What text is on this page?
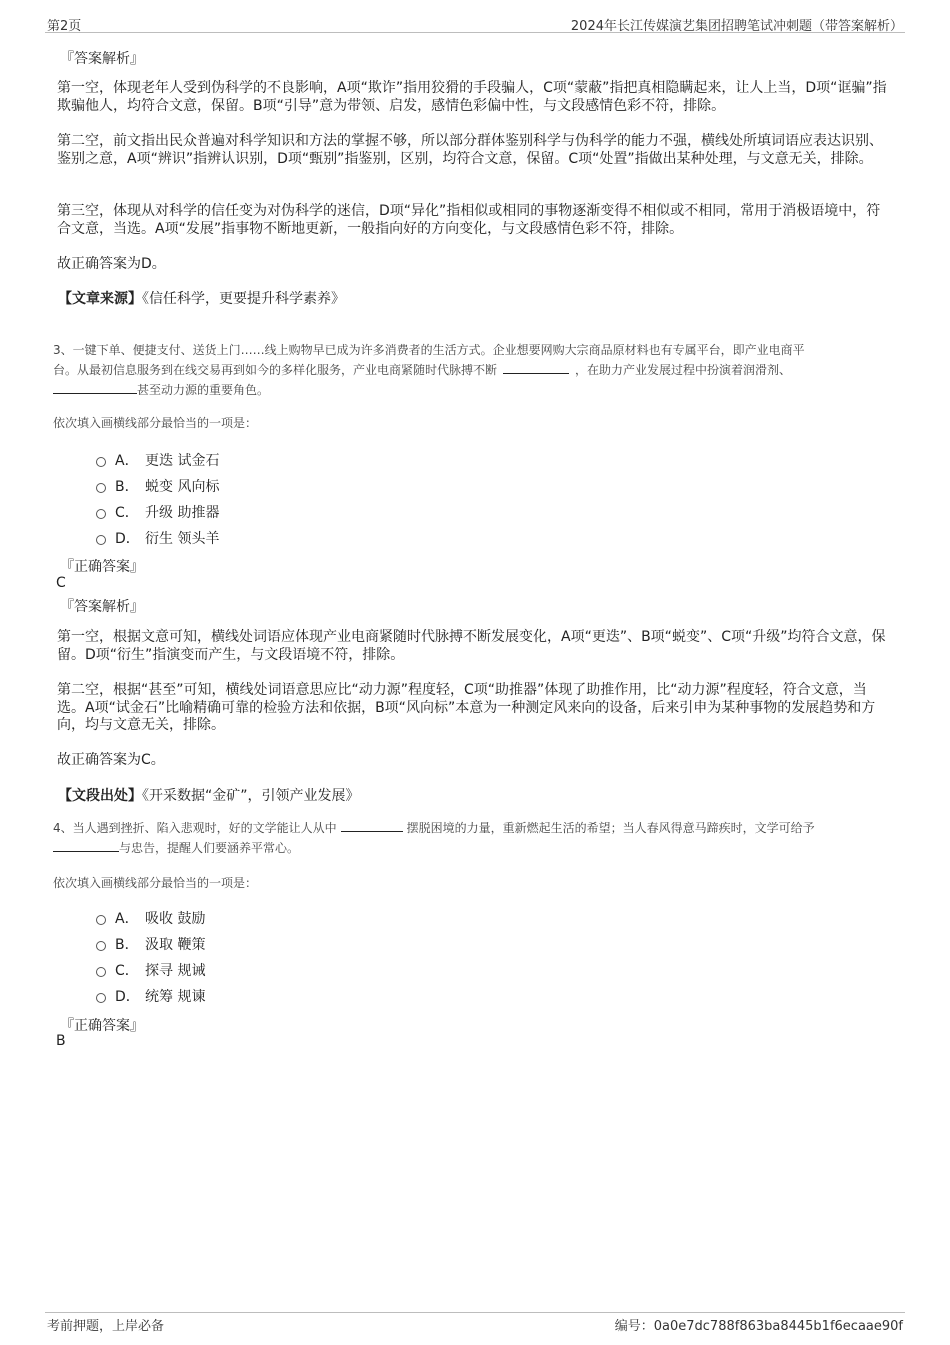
第2页	2024年长江传媒演艺集团招聘笔试冲刺题（带答案解析）
『答案解析』
第一空，体现老年人受到伪科学的不良影响，A项“欺诈”指用狡猾的手段骗人，C项“蒙蔽”指把真相隐瞒起来，让人上当，D项“诓骗”指欺骗他人，均符合文意，保留。B项“引导”意为带领、启发，感情色彩偏中性，与文段感情色彩不符，排除。
第二空，前文指出民众普遍对科学知识和方法的掌握不够，所以部分群体鉴别科学与伪科学的能力不强，横线处所填词语应表达识别、鉴别之意，A项“辨识”指辨认识别，D项“甄别”指鉴别，区别，均符合文意，保留。C项“处置”指做出某种处理，与文意无关，排除。
第三空，体现从对科学的信任变为对伪科学的迷信，D项“异化”指相似或相同的事物逐渐变得不相似或不相同，常用于消极语境中，符合文意，当选。A项“发展”指事物不断地更新，一般指向好的方向变化，与文段感情色彩不符，排除。
故正确答案为D。
【文章来源】《信任科学，更要提升科学素养》
3、一键下单、便捷支付、送货上门……线上购物早已成为许多消费者的生活方式。企业想要网购大宗商品原材料也有专属平台，即产业电商平
台。从最初信息服务到在线交易再到如今的多样化服务，产业电商紧随时代脉搏不断	，在助力产业发展过程中扮演着润滑剂、
甚至动力源的重要角色。
依次填入画横线部分最恰当的一项是：
A． 更迭 试金石
B． 蜕变 风向标
C． 升级 助推器
D． 衍生 领头羊
『正确答案』
C
『答案解析』
第一空，根据文意可知，横线处词语应体现产业电商紧随时代脉搏不断发展变化，A项“更迭”、B项“蜕变”、C项“升级”均符合文意，保留。D项“衍生”指演变而产生，与文段语境不符，排除。
第二空，根据“甚至”可知，横线处词语意思应比“动力源”程度轻，C项“助推器”体现了助推作用，比“动力源”程度轻，符合文意，当选。A项“试金石”比喻精确可靠的检验方法和依据，B项“风向标”本意为一种测定风来向的设备，后来引申为某种事物的发展趋势和方向，均与文意无关，排除。
故正确答案为C。
【文段出处】《开采数据“金矿”，引领产业发展》
4、当人遇到挫折、陷入悲观时，好的文学能让人从中	摆脱困境的力量，重新燃起生活的希望；当人春风得意马蹄疾时，文学可给予
与忠告，提醒人们要涵养平常心。
依次填入画横线部分最恰当的一项是：
A． 吸收 鼓励
B． 汲取 鞭策
C． 探寻 规诫
D． 统筹 规谏
『正确答案』
B
考前押题，上岸必备	编号：0a0e7dc788f863ba8445b1f6ecaae90f
